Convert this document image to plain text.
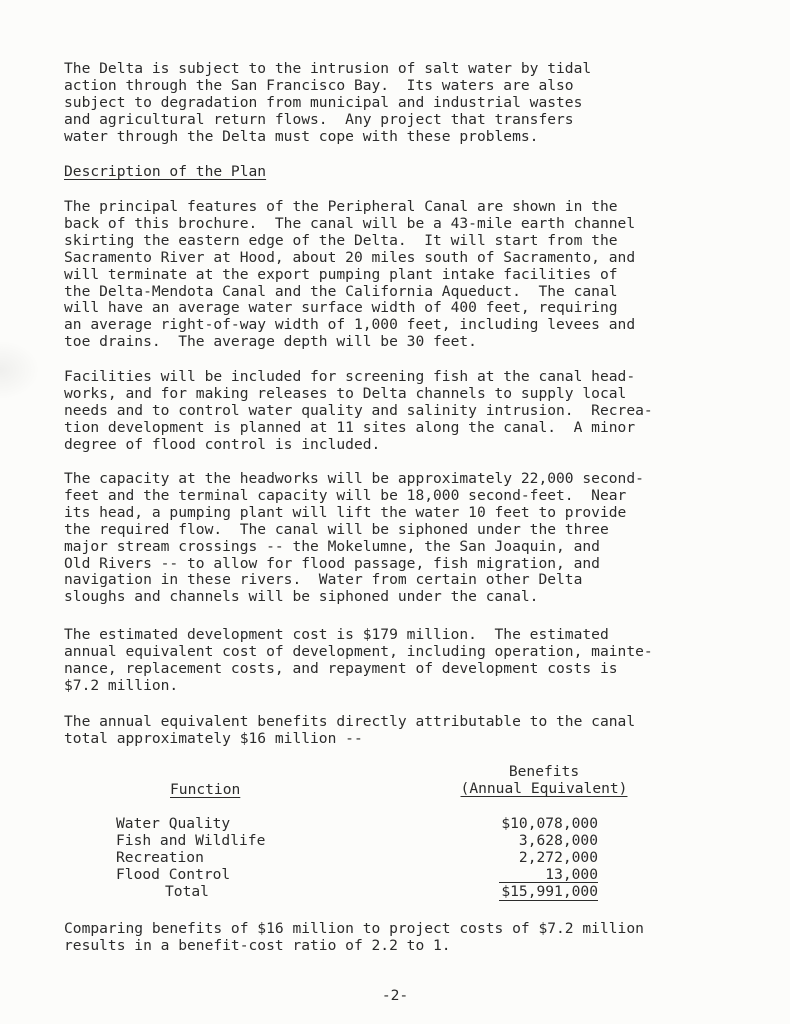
The Delta is subject to the intrusion of salt water by tidal
action through the San Francisco Bay.  Its waters are also
subject to degradation from municipal and industrial wastes
and agricultural return flows.  Any project that transfers
water through the Delta must cope with these problems.

Description of the Plan

The principal features of the Peripheral Canal are shown in the
back of this brochure.  The canal will be a 43-mile earth channel
skirting the eastern edge of the Delta.  It will start from the
Sacramento River at Hood, about 20 miles south of Sacramento, and
will terminate at the export pumping plant intake facilities of
the Delta-Mendota Canal and the California Aqueduct.  The canal
will have an average water surface width of 400 feet, requiring
an average right-of-way width of 1,000 feet, including levees and
toe drains.  The average depth will be 30 feet.

Facilities will be included for screening fish at the canal head-
works, and for making releases to Delta channels to supply local
needs and to control water quality and salinity intrusion.  Recrea-
tion development is planned at 11 sites along the canal.  A minor
degree of flood control is included.

The capacity at the headworks will be approximately 22,000 second-
feet and the terminal capacity will be 18,000 second-feet.  Near
its head, a pumping plant will lift the water 10 feet to provide
the required flow.  The canal will be siphoned under the three
major stream crossings -- the Mokelumne, the San Joaquin, and
Old Rivers -- to allow for flood passage, fish migration, and
navigation in these rivers.  Water from certain other Delta
sloughs and channels will be siphoned under the canal.

The estimated development cost is $179 million.  The estimated
annual equivalent cost of development, including operation, mainte-
nance, replacement costs, and repayment of development costs is
$7.2 million.

The annual equivalent benefits directly attributable to the canal
total approximately $16 million --

Function
Benefits
(Annual Equivalent)
Water Quality	$10,078,000
Fish and Wildlife	3,628,000
Recreation	2,272,000
Flood Control	13,000
Total	$15,991,000

Comparing benefits of $16 million to project costs of $7.2 million
results in a benefit-cost ratio of 2.2 to 1.

-2-
